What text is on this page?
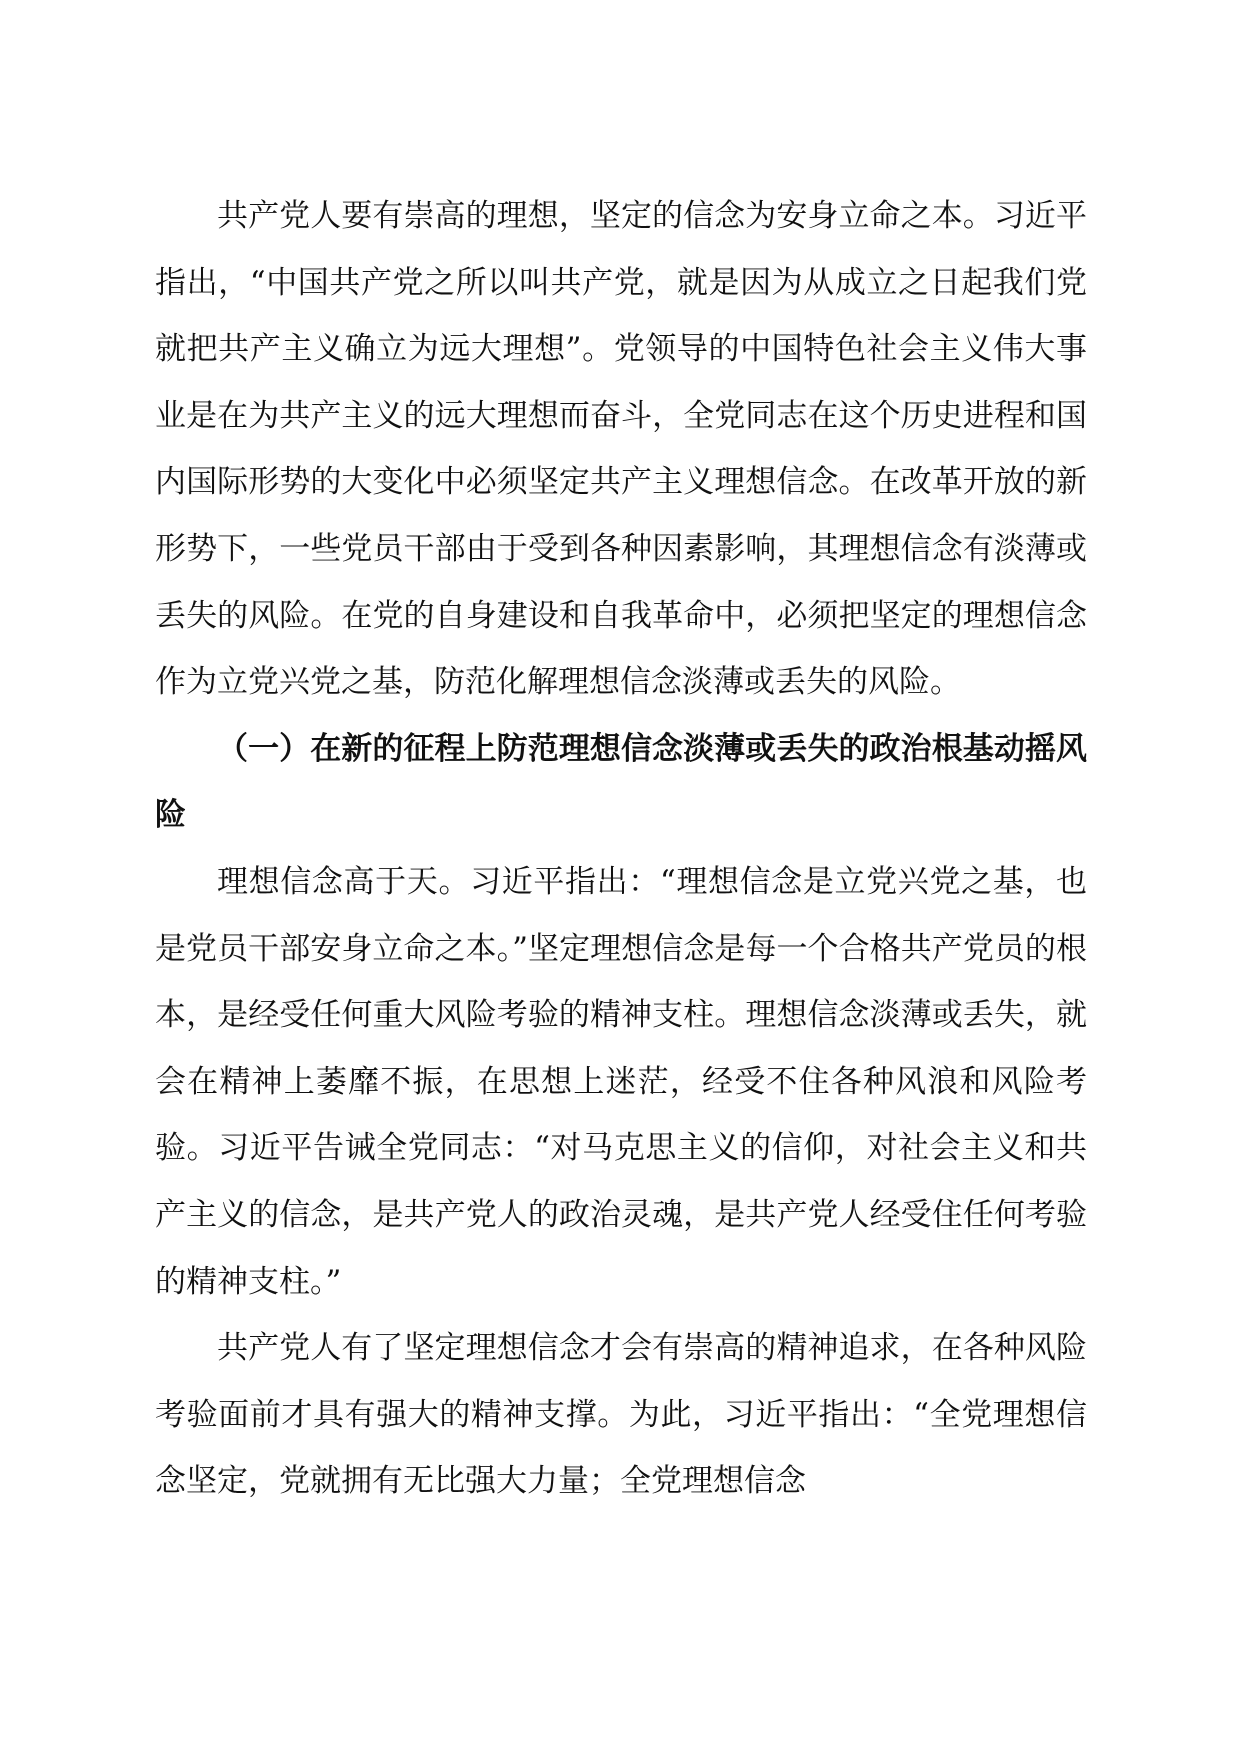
共产党人要有崇高的理想，坚定的信念为安身立命之本。习近平指出，“中国共产党之所以叫共产党，就是因为从成立之日起我们党就把共产主义确立为远大理想”。党领导的中国特色社会主义伟大事业是在为共产主义的远大理想而奋斗，全党同志在这个历史进程和国内国际形势的大变化中必须坚定共产主义理想信念。在改革开放的新形势下，一些党员干部由于受到各种因素影响，其理想信念有淡薄或丢失的风险。在党的自身建设和自我革命中，必须把坚定的理想信念作为立党兴党之基，防范化解理想信念淡薄或丢失的风险。

（一）在新的征程上防范理想信念淡薄或丢失的政治根基动摇风险

理想信念高于天。习近平指出：“理想信念是立党兴党之基，也是党员干部安身立命之本。”坚定理想信念是每一个合格共产党员的根本，是经受任何重大风险考验的精神支柱。理想信念淡薄或丢失，就会在精神上萎靡不振，在思想上迷茫，经受不住各种风浪和风险考验。习近平告诫全党同志：“对马克思主义的信仰，对社会主义和共产主义的信念，是共产党人的政治灵魂，是共产党人经受住任何考验的精神支柱。”

共产党人有了坚定理想信念才会有崇高的精神追求，在各种风险考验面前才具有强大的精神支撑。为此，习近平指出：“全党理想信念坚定，党就拥有无比强大力量；全党理想信念
